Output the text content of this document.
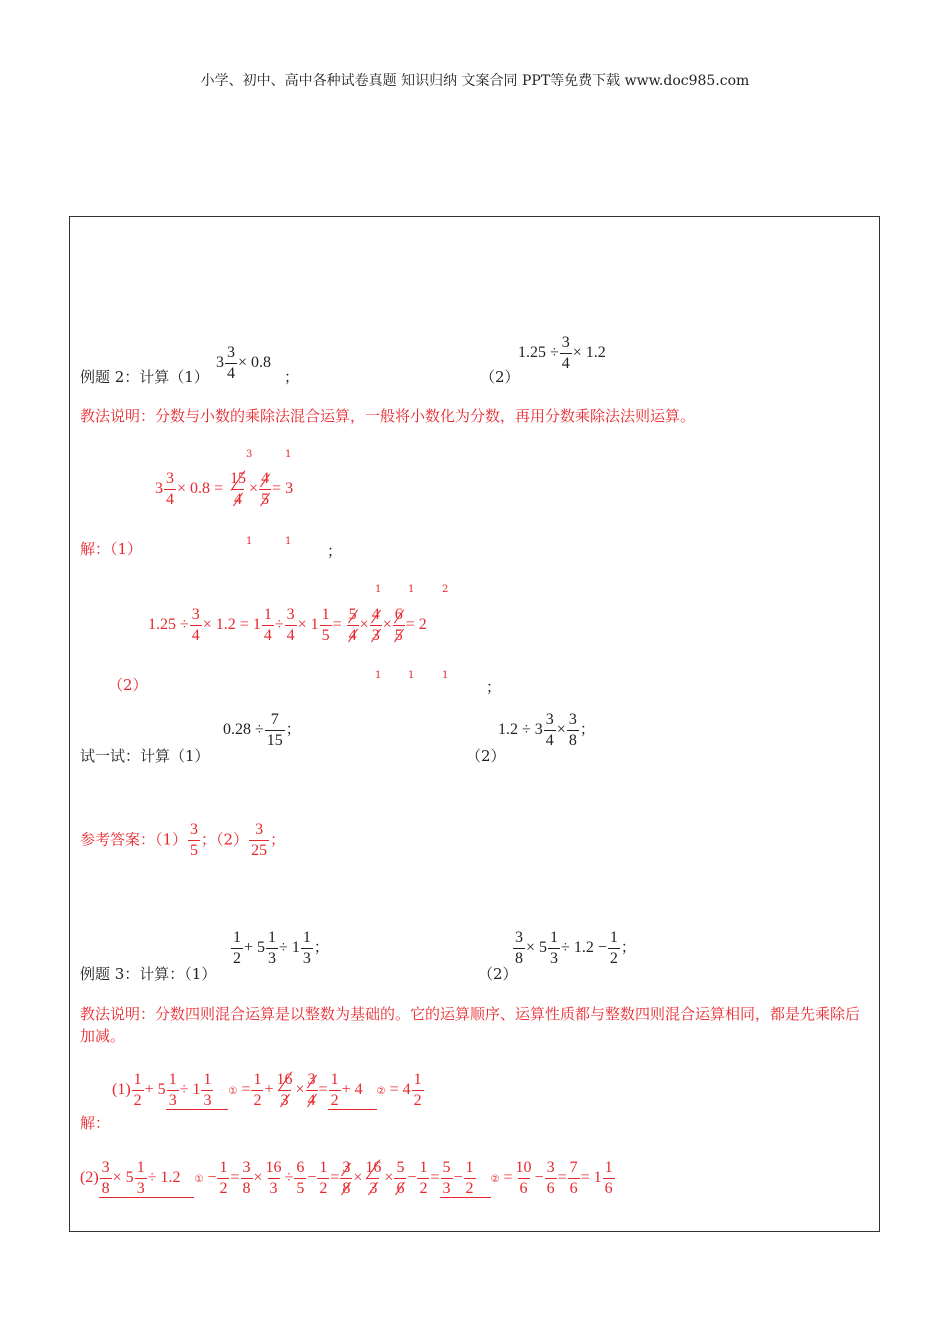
小学、初中、高中各种试卷真题 知识归纳 文案合同 PPT等免费下载 www.doc985.com
$3 \frac{3}{4} \times 0.8$
例题 2：计算（1）	；	（2）
$1.25 \div \frac{3}{4} \times 1.2$
教法说明：分数与小数的乘除法混合运算，一般将小数化为分数，再用分数乘除法法则运算。
$3 \frac{3}{4} \times 0.8 = \frac{15}{4} \times \frac{4}{5} = 3$
3	1
1	1
解：（1）	；
$1.25 \div \frac{3}{4} \times 1.2 = 1 \frac{1}{4} \div \frac{3}{4} \times 1 \frac{1}{5} = \frac{5}{4} \times \frac{4}{3} \times \frac{6}{5} = 2$
1	1	2
1	1	1
（2）	；
试一试：计算（1）
$0.28 \div \frac{7}{15}$ ；
（2）
$1.2 \div 3 \frac{3}{4} \times \frac{3}{8}$ ；
参考答案：$(1) \frac{3}{5}$ ；$(2) \frac{3}{25}$ ；
例题 3：计算：（1）
$\frac{1}{2} + 5 \frac{1}{3} \div 1 \frac{1}{3}$ ；
（2）
$\frac{3}{8} \times 5 \frac{1}{3} \div 1.2 - \frac{1}{2}$ ；
教法说明：分数四则混合运算是以整数为基础的。它的运算顺序、运算性质都与整数四则混合运算相同，都是先乘除后加减。
解：
$(1) \frac{1}{2} + 5 \frac{1}{3} \div 1 \frac{1}{3}$ ① = $\frac{1}{2} + \frac{16}{3} \times \frac{3}{4} = \frac{1}{2} + 4$ ② = $4 \frac{1}{2}$
$(2) \frac{3}{8} \times 5 \frac{1}{3} \div 1.2$ ① − $\frac{1}{2} = \frac{3}{8} \times \frac{16}{3} \div \frac{6}{5} - \frac{1}{2} = \frac{3}{8} \times \frac{16}{3} \times \frac{5}{6} - \frac{1}{2} = \frac{5}{3} - \frac{1}{2}$ ② = $\frac{10}{6} - \frac{3}{6} = \frac{7}{6} = 1 \frac{1}{6}$
